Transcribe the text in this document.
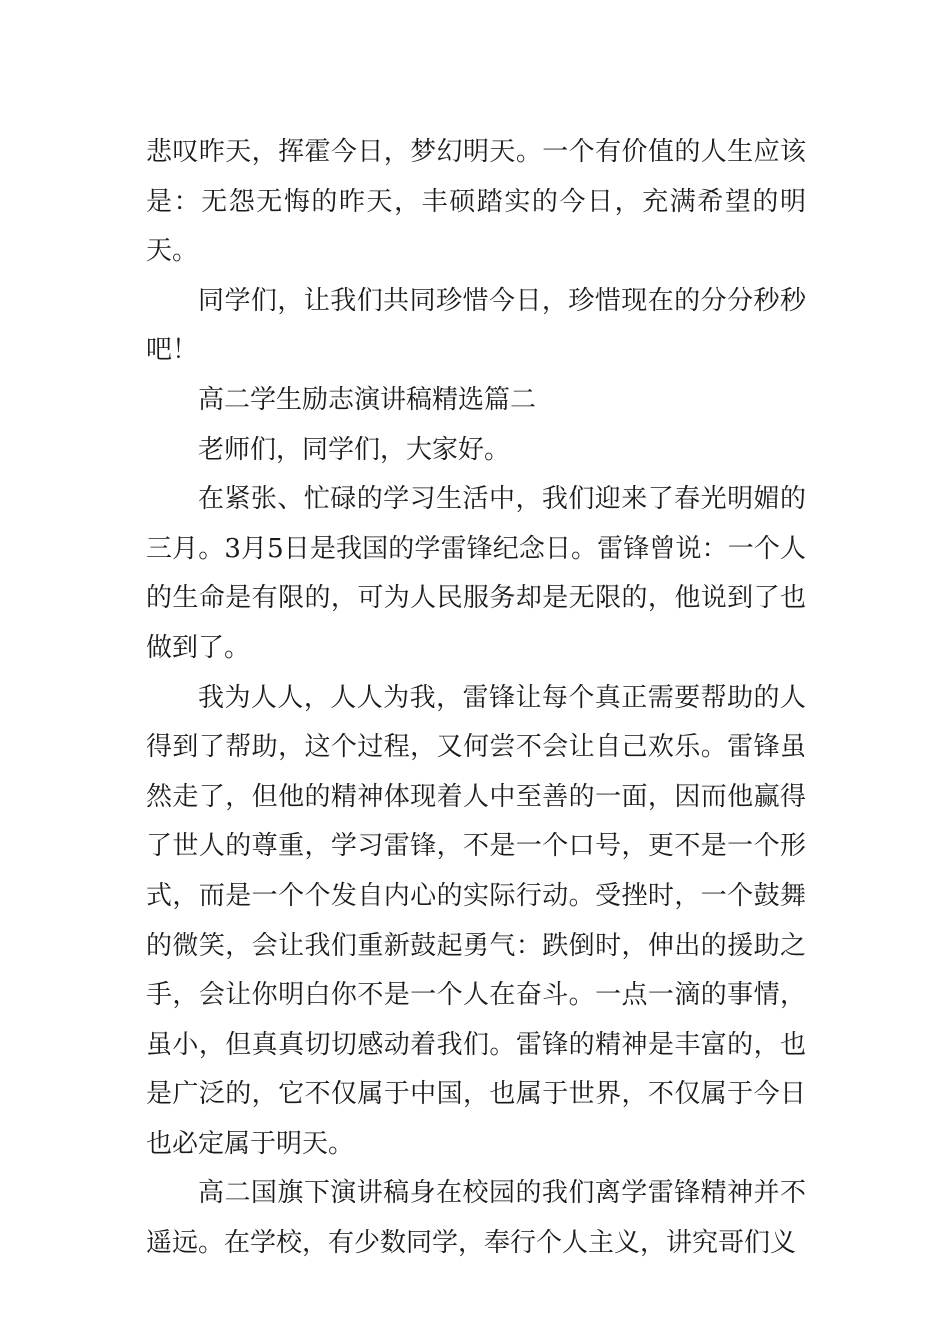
悲叹昨天，挥霍今日，梦幻明天。一个有价值的人生应该是：无怨无悔的昨天，丰硕踏实的今日，充满希望的明天。

同学们，让我们共同珍惜今日，珍惜现在的分分秒秒吧！

高二学生励志演讲稿精选篇二

老师们，同学们，大家好。

在紧张、忙碌的学习生活中，我们迎来了春光明媚的三月。3月5日是我国的学雷锋纪念日。雷锋曾说：一个人的生命是有限的，可为人民服务却是无限的，他说到了也做到了。

我为人人，人人为我，雷锋让每个真正需要帮助的人得到了帮助，这个过程，又何尝不会让自己欢乐。雷锋虽然走了，但他的精神体现着人中至善的一面，因而他赢得了世人的尊重，学习雷锋，不是一个口号，更不是一个形式，而是一个个发自内心的实际行动。受挫时，一个鼓舞的微笑，会让我们重新鼓起勇气：跌倒时，伸出的援助之手，会让你明白你不是一个人在奋斗。一点一滴的事情，虽小，但真真切切感动着我们。雷锋的精神是丰富的，也是广泛的，它不仅属于中国，也属于世界，不仅属于今日也必定属于明天。

高二国旗下演讲稿身在校园的我们离学雷锋精神并不遥远。在学校，有少数同学，奉行个人主义，讲究哥们义
